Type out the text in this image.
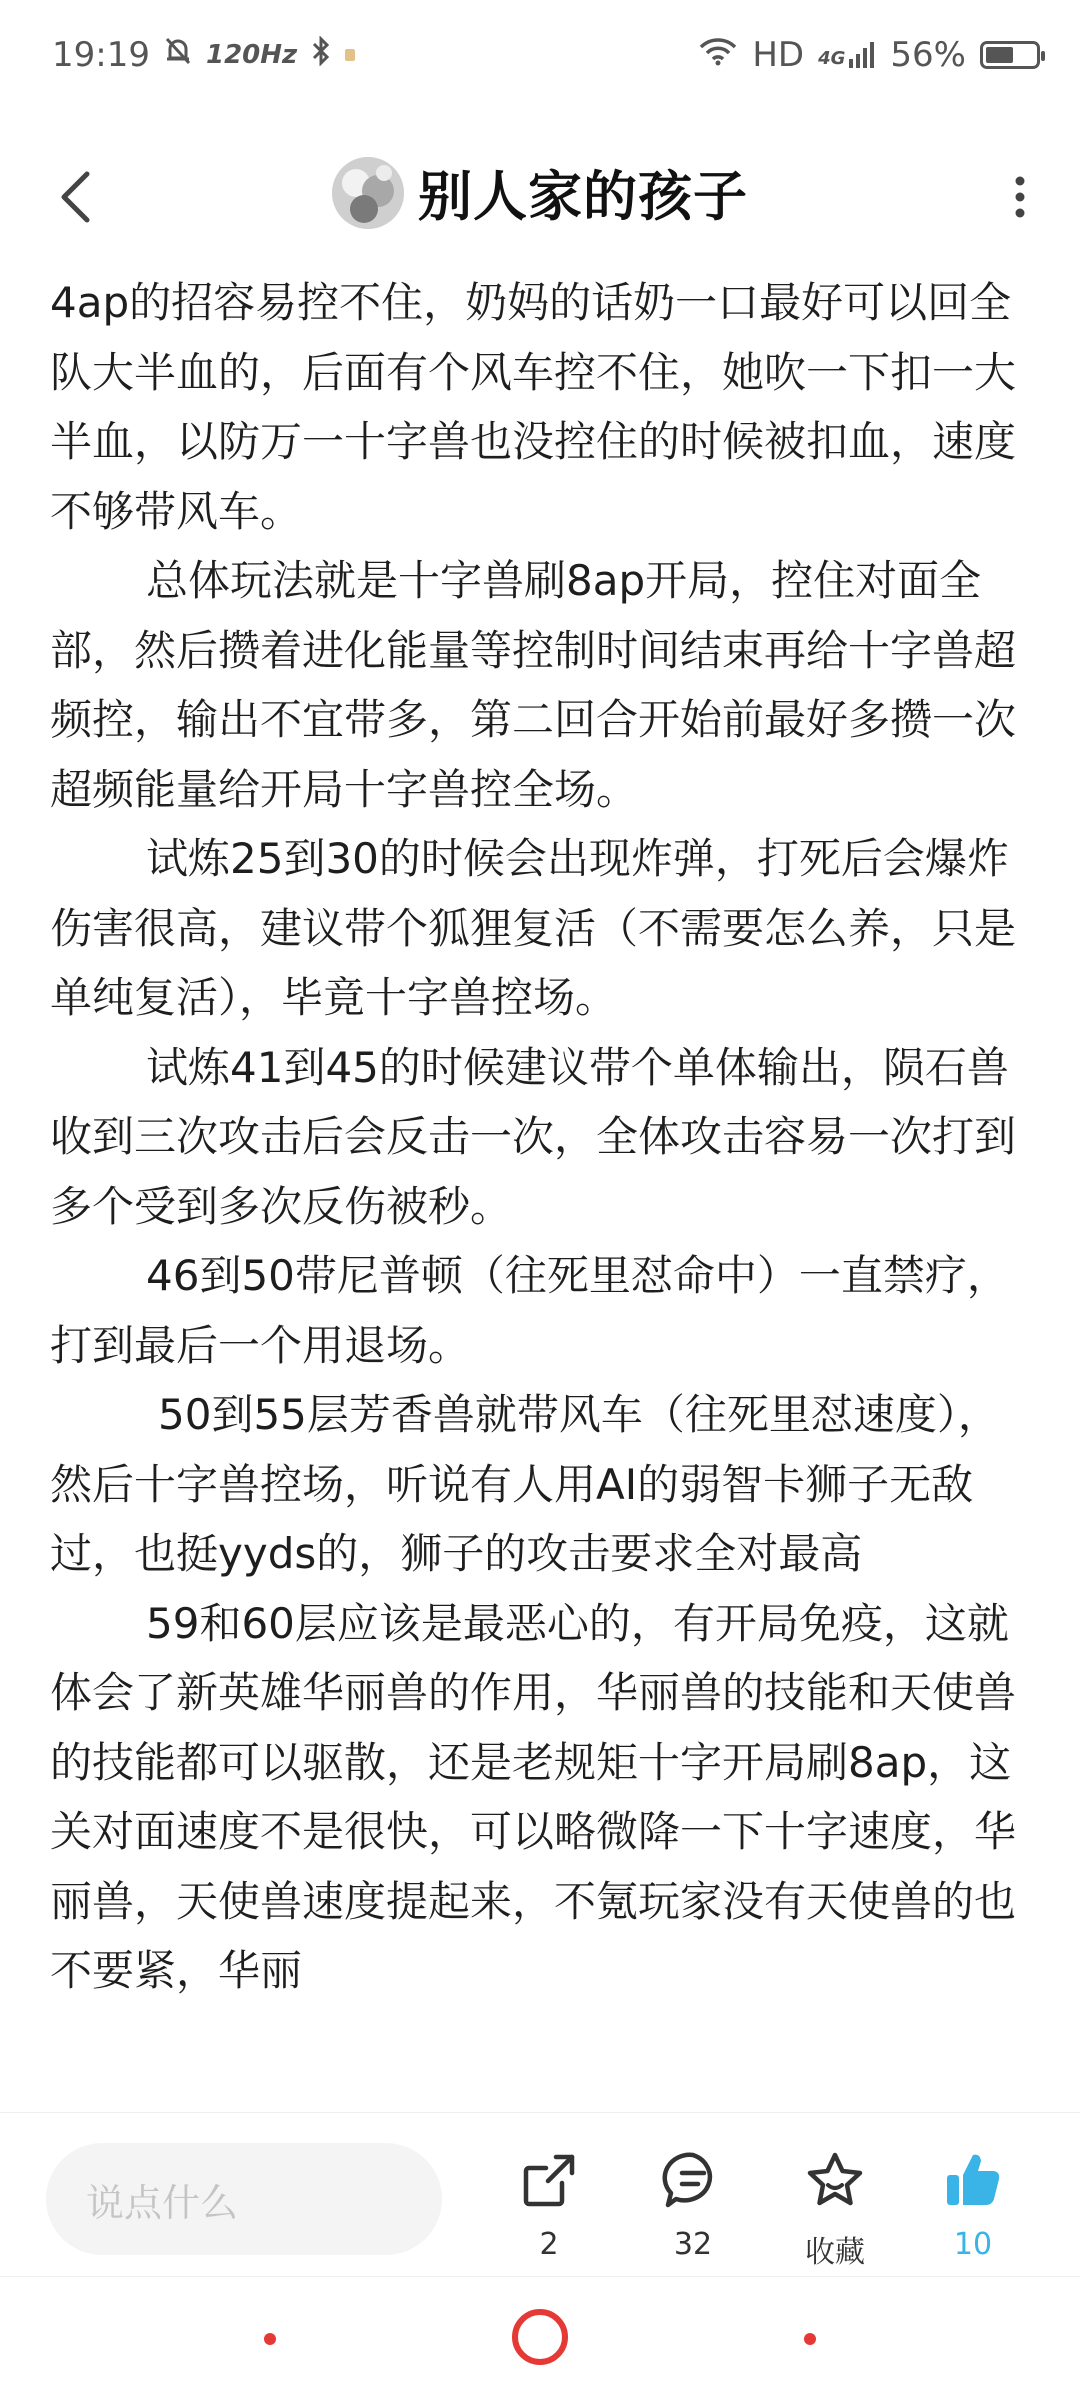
19:19 120Hz	HD 4G 56%
别人家的孩子

4ap的招容易控不住，奶妈的话奶一口最好可以回全队大半血的，后面有个风车控不住，她吹一下扣一大半血，以防万一十字兽也没控住的时候被扣血，速度不够带风车。

总体玩法就是十字兽刷8ap开局，控住对面全部，然后攒着进化能量等控制时间结束再给十字兽超频控，输出不宜带多，第二回合开始前最好多攒一次超频能量给开局十字兽控全场。

试炼25到30的时候会出现炸弹，打死后会爆炸伤害很高，建议带个狐狸复活（不需要怎么养，只是单纯复活），毕竟十字兽控场。

试炼41到45的时候建议带个单体输出，陨石兽收到三次攻击后会反击一次，全体攻击容易一次打到多个受到多次反伤被秒。

46到50带尼普顿（往死里怼命中）一直禁疗，打到最后一个用退场。

50到55层芳香兽就带风车（往死里怼速度），然后十字兽控场，听说有人用AI的弱智卡狮子无敌过，也挺yyds的，狮子的攻击要求全对最高

59和60层应该是最恶心的，有开局免疫，这就体会了新英雄华丽兽的作用，华丽兽的技能和天使兽的技能都可以驱散，还是老规矩十字开局刷8ap，这关对面速度不是很快，可以略微降一下十字速度，华丽兽，天使兽速度提起来，不氪玩家没有天使兽的也不要紧，华丽

说点什么
2	32	收藏	10
